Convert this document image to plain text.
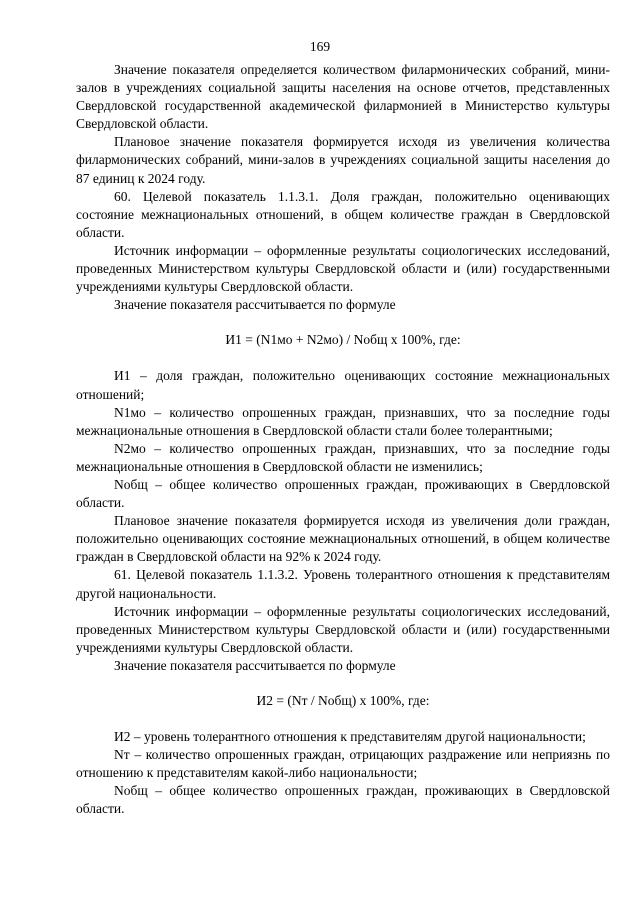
169

Значение показателя определяется количеством филармонических собраний, мини-залов в учреждениях социальной защиты населения на основе отчетов, представленных Свердловской государственной академической филармонией в Министерство культуры Свердловской области.

Плановое значение показателя формируется исходя из увеличения количества филармонических собраний, мини-залов в учреждениях социальной защиты населения до 87 единиц к 2024 году.

60. Целевой показатель 1.1.3.1. Доля граждан, положительно оценивающих состояние межнациональных отношений, в общем количестве граждан в Свердловской области.

Источник информации – оформленные результаты социологических исследований, проведенных Министерством культуры Свердловской области и (или) государственными учреждениями культуры Свердловской области.

Значение показателя рассчитывается по формуле

И1 = (N1мо + N2мо) / Nобщ х 100%, где:

И1 – доля граждан, положительно оценивающих состояние межнациональных отношений;

N1мо – количество опрошенных граждан, признавших, что за последние годы межнациональные отношения в Свердловской области стали более толерантными;

N2мо – количество опрошенных граждан, признавших, что за последние годы межнациональные отношения в Свердловской области не изменились;

Nобщ – общее количество опрошенных граждан, проживающих в Свердловской области.

Плановое значение показателя формируется исходя из увеличения доли граждан, положительно оценивающих состояние межнациональных отношений, в общем количестве граждан в Свердловской области на 92% к 2024 году.

61. Целевой показатель 1.1.3.2. Уровень толерантного отношения к представителям другой национальности.

Источник информации – оформленные результаты социологических исследований, проведенных Министерством культуры Свердловской области и (или) государственными учреждениями культуры Свердловской области.

Значение показателя рассчитывается по формуле

И2 = (Nт / Nобщ) х 100%, где:

И2 – уровень толерантного отношения к представителям другой национальности;

Nт – количество опрошенных граждан, отрицающих раздражение или неприязнь по отношению к представителям какой-либо национальности;

Nобщ – общее количество опрошенных граждан, проживающих в Свердловской области.
